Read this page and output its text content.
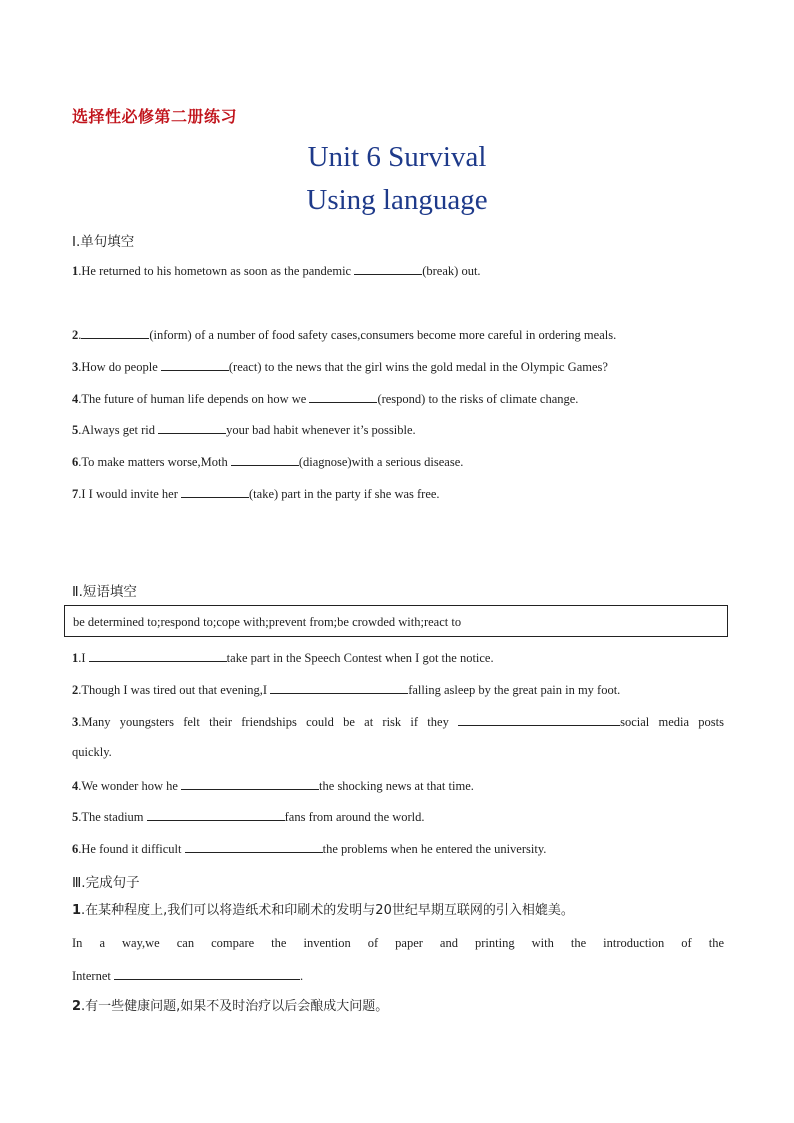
选择性必修第二册练习
Unit 6 Survival
Using language
Ⅰ.单句填空
1.He returned to his hometown as soon as the pandemic	(break) out.
2.	(inform) of a number of food safety cases,consumers become more careful in ordering meals.
3.How do people	(react) to the news that the girl wins the gold medal in the Olympic Games?
4.The future of human life depends on how we	(respond) to the risks of climate change.
5.Always get rid	your bad habit whenever it’s possible.
6.To make matters worse,Moth	(diagnose)with a serious disease.
7.I I would invite her	(take) part in the party if she was free.
Ⅱ.短语填空
be determined to;respond to;cope with;prevent from;be crowded with;react to
1.I	take part in the Speech Contest when I got the notice.
2.Though I was tired out that evening,I	falling asleep by the great pain in my foot.
3.Many youngsters felt their friendships could be at risk if they	social media posts
quickly.
4.We wonder how he	the shocking news at that time.
5.The stadium	fans from around the world.
6.He found it difficult	the problems when he entered the university.
Ⅲ.完成句子
1.在某种程度上,我们可以将造纸术和印刷术的发明与20世纪早期互联网的引入相媲美。
In a way,we can compare the invention of paper and printing with the introduction of the
Internet	.
2.有一些健康问题,如果不及时治疗以后会酿成大问题。
